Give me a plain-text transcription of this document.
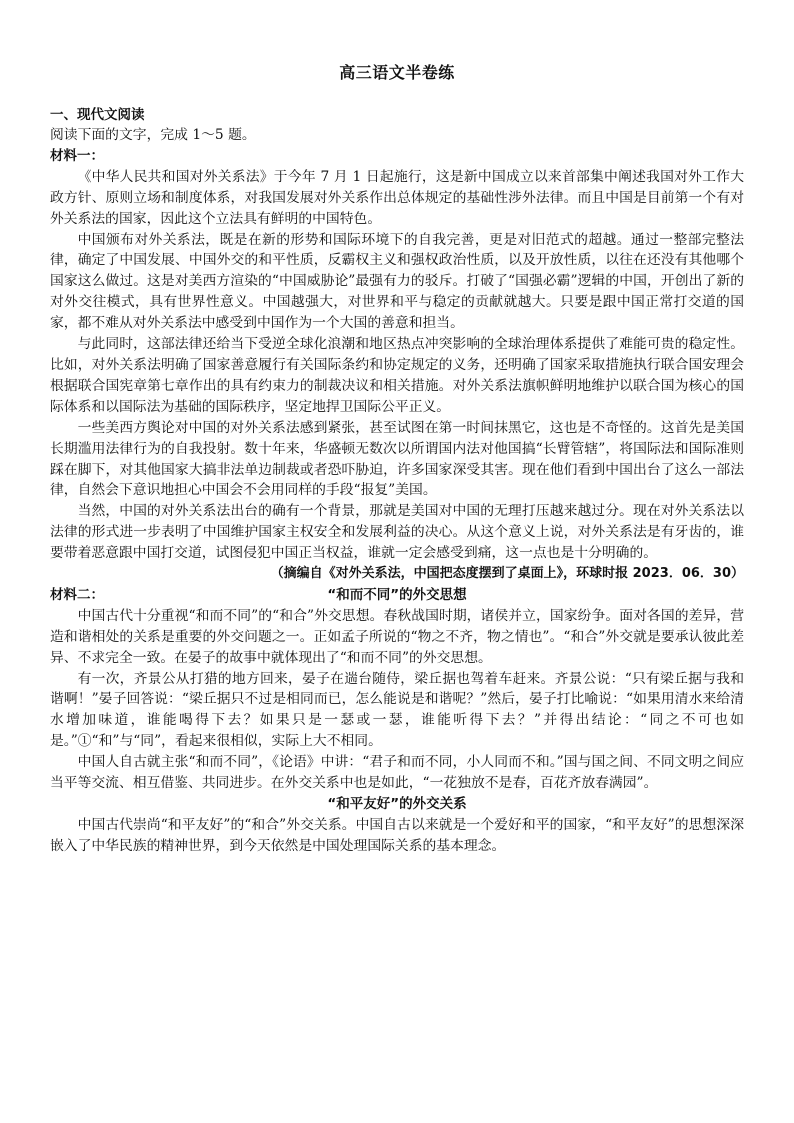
高三语文半卷练
一、现代文阅读
阅读下面的文字，完成 1～5 题。
材料一：

《中华人民共和国对外关系法》于今年 7 月 1 日起施行，这是新中国成立以来首部集中阐述我国对外工作大政方针、原则立场和制度体系，对我国发展对外关系作出总体规定的基础性涉外法律。而且中国是目前第一个有对外关系法的国家，因此这个立法具有鲜明的中国特色。

中国颁布对外关系法，既是在新的形势和国际环境下的自我完善，更是对旧范式的超越。通过一整部完整法律，确定了中国发展、中国外交的和平性质，反霸权主义和强权政治性质，以及开放性质，以往在还没有其他哪个国家这么做过。这是对美西方渲染的“中国威胁论”最强有力的驳斥。打破了“国强必霸”逻辑的中国，开创出了新的对外交往模式，具有世界性意义。中国越强大，对世界和平与稳定的贡献就越大。只要是跟中国正常打交道的国家，都不难从对外关系法中感受到中国作为一个大国的善意和担当。

与此同时，这部法律还给当下受逆全球化浪潮和地区热点冲突影响的全球治理体系提供了难能可贵的稳定性。比如，对外关系法明确了国家善意履行有关国际条约和协定规定的义务，还明确了国家采取措施执行联合国安理会根据联合国宪章第七章作出的具有约束力的制裁决议和相关措施。对外关系法旗帜鲜明地维护以联合国为核心的国际体系和以国际法为基础的国际秩序，坚定地捍卫国际公平正义。

一些美西方舆论对中国的对外关系法感到紧张，甚至试图在第一时间抹黑它，这也是不奇怪的。这首先是美国长期滥用法律行为的自我投射。数十年来，华盛顿无数次以所谓国内法对他国搞“长臂管辖”，将国际法和国际准则踩在脚下，对其他国家大搞非法单边制裁或者恐吓胁迫，许多国家深受其害。现在他们看到中国出台了这么一部法律，自然会下意识地担心中国会不会用同样的手段“报复”美国。

当然，中国的对外关系法出台的确有一个背景，那就是美国对中国的无理打压越来越过分。现在对外关系法以法律的形式进一步表明了中国维护国家主权安全和发展利益的决心。从这个意义上说，对外关系法是有牙齿的，谁要带着恶意跟中国打交道，试图侵犯中国正当权益，谁就一定会感受到痛，这一点也是十分明确的。

（摘编自《对外关系法，中国把态度摆到了桌面上》，环球时报 2023．06．30）
材料二：	“和而不同”的外交思想

中国古代十分重视“和而不同”的“和合”外交思想。春秋战国时期，诸侯并立，国家纷争。面对各国的差异，营造和谐相处的关系是重要的外交问题之一。正如孟子所说的“物之不齐，物之情也”。“和合”外交就是要承认彼此差异、不求完全一致。在晏子的故事中就体现出了“和而不同”的外交思想。

有一次，齐景公从打猎的地方回来，晏子在遄台随侍，梁丘据也驾着车赶来。齐景公说：“只有梁丘据与我和谐啊！”晏子回答说：“梁丘据只不过是相同而已，怎么能说是和谐呢？”然后，晏子打比喻说：“如果用清水来给清水增加味道，谁能喝得下去？如果只是一瑟或一瑟，谁能听得下去？”并得出结论：“同之不可也如是。”①“和”与“同”，看起来很相似，实际上大不相同。

中国人自古就主张“和而不同”，《论语》中讲：“君子和而不同，小人同而不和。”国与国之间、不同文明之间应当平等交流、相互借鉴、共同进步。在外交关系中也是如此，“一花独放不是春，百花齐放春满园”。

“和平友好”的外交关系

中国古代崇尚“和平友好”的“和合”外交关系。中国自古以来就是一个爱好和平的国家，“和平友好”的思想深深嵌入了中华民族的精神世界，到今天依然是中国处理国际关系的基本理念。
